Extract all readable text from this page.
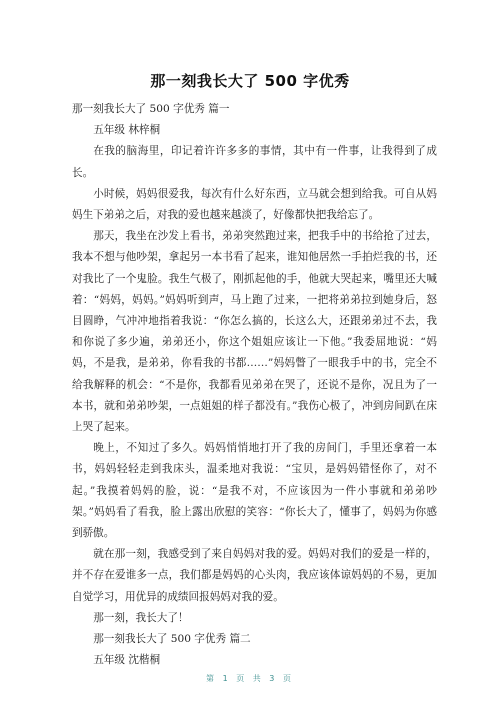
那一刻我长大了 500 字优秀

那一刻我长大了 500 字优秀 篇一

五年级 林梓桐

在我的脑海里，印记着许许多多的事情，其中有一件事，让我得到了成长。

小时候，妈妈很爱我，每次有什么好东西，立马就会想到给我。可自从妈妈生下弟弟之后，对我的爱也越来越淡了，好像都快把我给忘了。

那天，我坐在沙发上看书，弟弟突然跑过来，把我手中的书给抢了过去，我本不想与他吵架，拿起另一本书看了起来，谁知他居然一手拍烂我的书，还对我比了一个鬼脸。我生气极了，刚抓起他的手，他就大哭起来，嘴里还大喊着：“妈妈，妈妈。”妈妈听到声，马上跑了过来，一把将弟弟拉到她身后，怒目圆睁，气冲冲地指着我说：“你怎么搞的，长这么大，还跟弟弟过不去，我和你说了多少遍，弟弟还小，你这个姐姐应该让一下他。”我委屈地说：“妈妈，不是我，是弟弟，你看我的书都……”妈妈瞥了一眼我手中的书，完全不给我解释的机会：“不是你，我都看见弟弟在哭了，还说不是你，况且为了一本书，就和弟弟吵架，一点姐姐的样子都没有。”我伤心极了，冲到房间趴在床上哭了起来。

晚上，不知过了多久。妈妈悄悄地打开了我的房间门，手里还拿着一本书，妈妈轻轻走到我床头，温柔地对我说：“宝贝，是妈妈错怪你了，对不起。”我摸着妈妈的脸，说：“是我不对，不应该因为一件小事就和弟弟吵架。”妈妈看了看我，脸上露出欣慰的笑容：“你长大了，懂事了，妈妈为你感到骄傲。

就在那一刻，我感受到了来自妈妈对我的爱。妈妈对我们的爱是一样的，并不存在爱谁多一点，我们都是妈妈的心头肉，我应该体谅妈妈的不易，更加自觉学习，用优异的成绩回报妈妈对我的爱。

那一刻，我长大了！

那一刻我长大了 500 字优秀 篇二

五年级 沈楷桐

第 1 页 共 3 页
